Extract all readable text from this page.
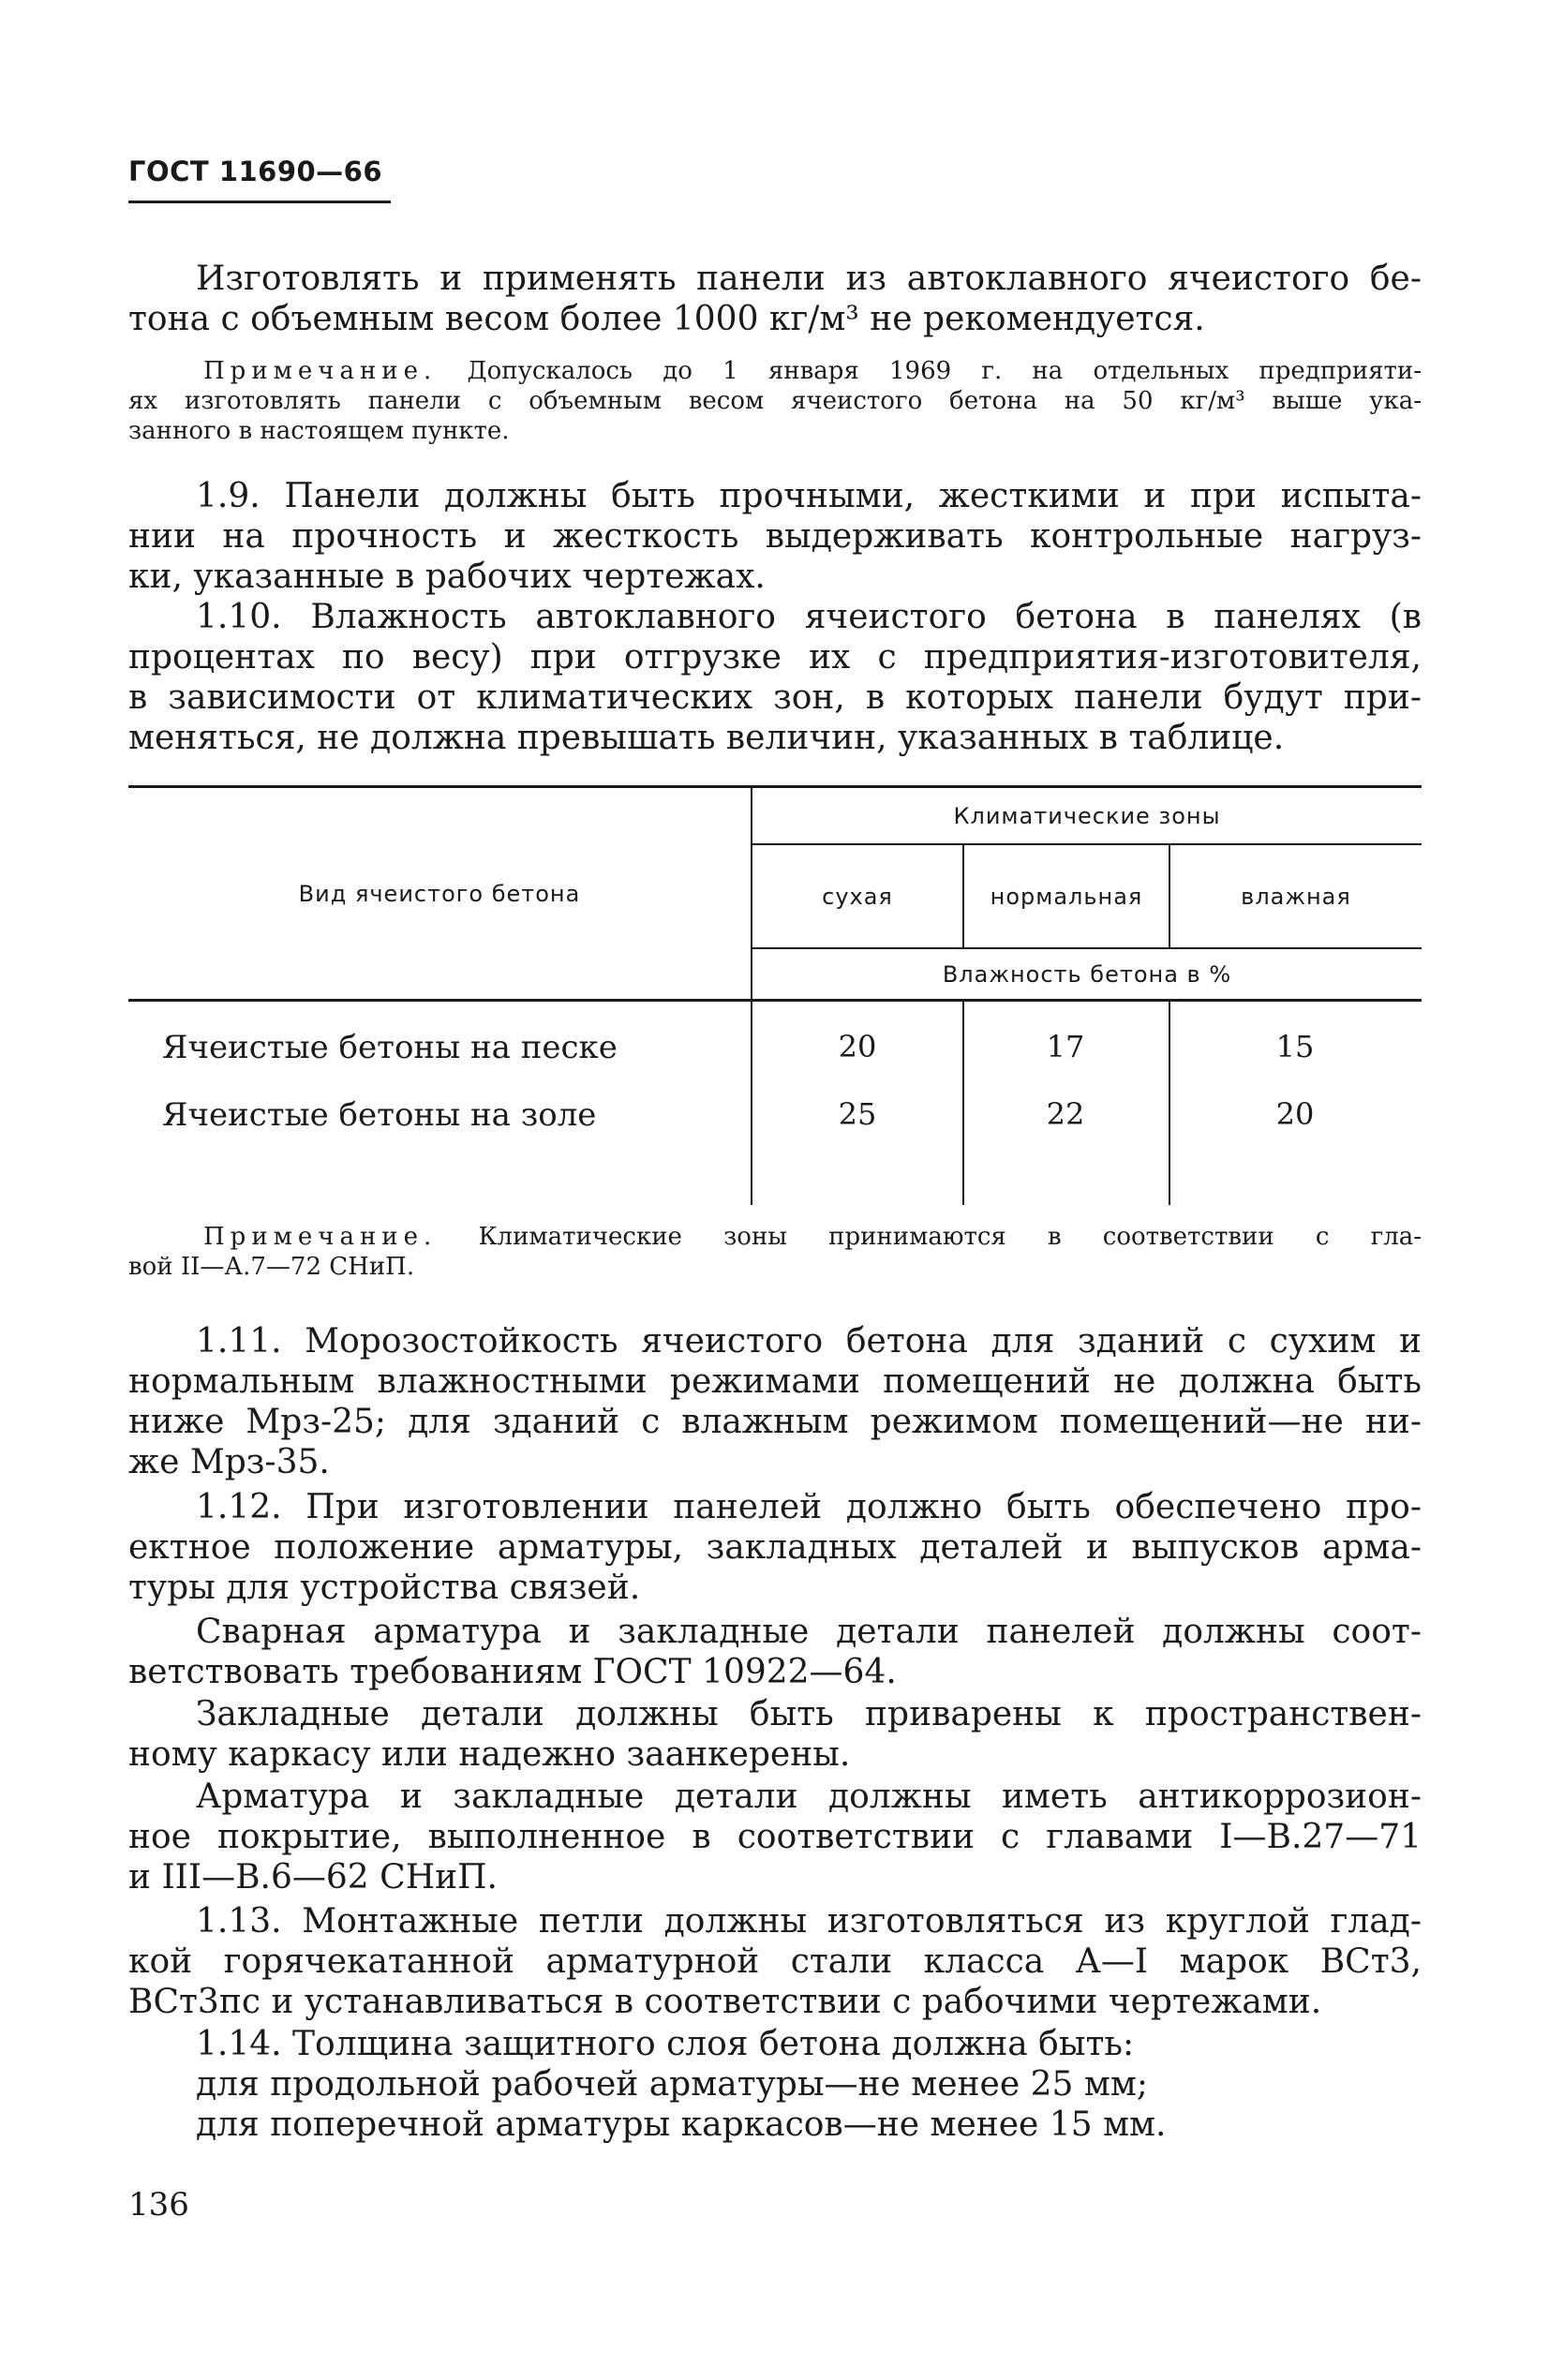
ГОСТ 11690—66

Изготовлять и применять панели из автоклавного ячеистого бе-
тона с объемным весом более 1000 кг/м³ не рекомендуется.

Примечание. Допускалось до 1 января 1969 г. на отдельных предприяти-
ях изготовлять панели с объемным весом ячеистого бетона на 50 кг/м³ выше ука-
занного в настоящем пункте.

1.9. Панели должны быть прочными, жесткими и при испыта-
нии на прочность и жесткость выдерживать контрольные нагруз-
ки, указанные в рабочих чертежах.

1.10. Влажность автоклавного ячеистого бетона в панелях (в
процентах по весу) при отгрузке их с предприятия-изготовителя,
в зависимости от климатических зон, в которых панели будут при-
меняться, не должна превышать величин, указанных в таблице.

Вид ячеистого бетона
Климатические зоны
сухая	нормальная	влажная
Влажность бетона в %
Ячеистые бетоны на песке	20	17	15
Ячеистые бетоны на золе	25	22	20

Примечание. Климатические зоны принимаются в соответствии с гла-
вой II—А.7—72 СНиП.

1.11. Морозостойкость ячеистого бетона для зданий с сухим и
нормальным влажностными режимами помещений не должна быть
ниже Мрз-25; для зданий с влажным режимом помещений—не ни-
же Мрз-35.

1.12. При изготовлении панелей должно быть обеспечено про-
ектное положение арматуры, закладных деталей и выпусков арма-
туры для устройства связей.

Сварная арматура и закладные детали панелей должны соот-
ветствовать требованиям ГОСТ 10922—64.

Закладные детали должны быть приварены к пространствен-
ному каркасу или надежно заанкерены.

Арматура и закладные детали должны иметь антикоррозион-
ное покрытие, выполненное в соответствии с главами I—В.27—71
и III—В.6—62 СНиП.

1.13. Монтажные петли должны изготовляться из круглой глад-
кой горячекатанной арматурной стали класса А—I марок ВСт3,
ВСт3пс и устанавливаться в соответствии с рабочими чертежами.

1.14. Толщина защитного слоя бетона должна быть:
для продольной рабочей арматуры—не менее 25 мм;
для поперечной арматуры каркасов—не менее 15 мм.

136
